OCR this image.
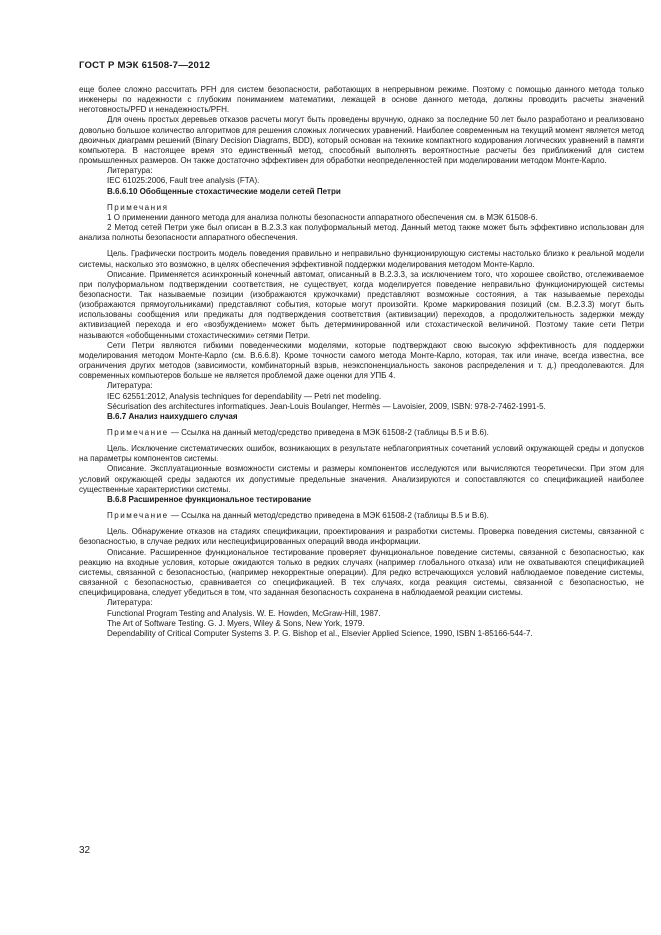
ГОСТ Р МЭК 61508-7—2012

еще более сложно рассчитать PFH для систем безопасности, работающих в непрерывном режиме. Поэтому с помощью данного метода только инженеры по надежности с глубоким пониманием математики, лежащей в основе данного метода, должны проводить расчеты значений неготовность/PFD и ненадежность/PFH.

Для очень простых деревьев отказов расчеты могут быть проведены вручную, однако за последние 50 лет было разработано и реализовано довольно большое количество алгоритмов для решения сложных логических уравнений. Наиболее современным на текущий момент является метод двоичных диаграмм решений (Binary Decision Diagrams, BDD), который основан на технике компактного кодирования логических уравнений в памяти компьютера. В настоящее время это единственный метод, способный выполнять вероятностные расчеты без приближений для систем промышленных размеров. Он также достаточно эффективен для обработки неопределенностей при моделировании методом Монте-Карло.

Литература:

IEC 61025:2006, Fault tree analysis (FTA).

В.6.6.10 Обобщенные стохастические модели сетей Петри

Примечания

1 О применении данного метода для анализа полноты безопасности аппаратного обеспечения см. в МЭК 61508-6.

2 Метод сетей Петри уже был описан в В.2.3.3 как полуформальный метод. Данный метод также может быть эффективно использован для анализа полноты безопасности аппаратного обеспечения.

Цель. Графически построить модель поведения правильно и неправильно функционирующую системы настолько близко к реальной модели системы, насколько это возможно, в целях обеспечения эффективной поддержки моделирования методом Монте-Карло.

Описание. Применяется асинхронный конечный автомат, описанный в В.2.3.3, за исключением того, что хорошее свойство, отслеживаемое при полуформальном подтверждении соответствия, не существует, когда моделируется поведение неправильно функционирующей системы безопасности. Так называемые позиции (изображаются кружочками) представляют возможные состояния, а так называемые переходы (изображаются прямоугольниками) представляют события, которые могут произойти. Кроме маркирования позиций (см. В.2.3.3) могут быть использованы сообщения или предикаты для подтверждения соответствия (активизации) переходов, а продолжительность задержки между активизацией перехода и его «возбуждением» может быть детерминированной или стохастической величиной. Поэтому такие сети Петри называются «обобщенными стохастическими» сетями Петри.

Сети Петри являются гибкими поведенческими моделями, которые подтверждают свою высокую эффективность для поддержки моделирования методом Монте-Карло (см. В.6.6.8). Кроме точности самого метода Монте-Карло, которая, так или иначе, всегда известна, все ограничения других методов (зависимости, комбинаторный взрыв, неэкспоненциальность законов распределения и т. д.) преодолеваются. Для современных компьютеров больше не является проблемой даже оценки для УПБ 4.

Литература:

IEC 62551:2012, Analysis techniques for dependability — Petri net modeling.

Sécurisation des architectures informatiques. Jean-Louis Boulanger, Hermès — Lavoisier, 2009, ISBN: 978-2-7462-1991-5.

В.6.7 Анализ наихудшего случая

Примечание — Ссылка на данный метод/средство приведена в МЭК 61508-2 (таблицы В.5 и В.6).

Цель. Исключение систематических ошибок, возникающих в результате неблагоприятных сочетаний условий окружающей среды и допусков на параметры компонентов системы.

Описание. Эксплуатационные возможности системы и размеры компонентов исследуются или вычисляются теоретически. При этом для условий окружающей среды задаются их допустимые предельные значения. Анализируются и сопоставляются со спецификацией наиболее существенные характеристики системы.

В.6.8 Расширенное функциональное тестирование

Примечание — Ссылка на данный метод/средство приведена в МЭК 61508-2 (таблицы В.5 и В.6).

Цель. Обнаружение отказов на стадиях спецификации, проектирования и разработки системы. Проверка поведения системы, связанной с безопасностью, в случае редких или неспецифицированных операций ввода информации.

Описание. Расширенное функциональное тестирование проверяет функциональное поведение системы, связанной с безопасностью, как реакцию на входные условия, которые ожидаются только в редких случаях (например глобального отказа) или не охватываются спецификацией системы, связанной с безопасностью, (например некорректные операции). Для редко встречающихся условий наблюдаемое поведение системы, связанной с безопасностью, сравнивается со спецификацией. В тех случаях, когда реакция системы, связанной с безопасностью, не специфицирована, следует убедиться в том, что заданная безопасность сохранена в наблюдаемой реакции системы.

Литература:

Functional Program Testing and Analysis. W. E. Howden, McGraw-Hill, 1987.

The Art of Software Testing. G. J. Myers, Wiley & Sons, New York, 1979.

Dependability of Critical Computer Systems 3. P. G. Bishop et al., Elsevier Applied Science, 1990, ISBN 1-85166-544-7.

32
